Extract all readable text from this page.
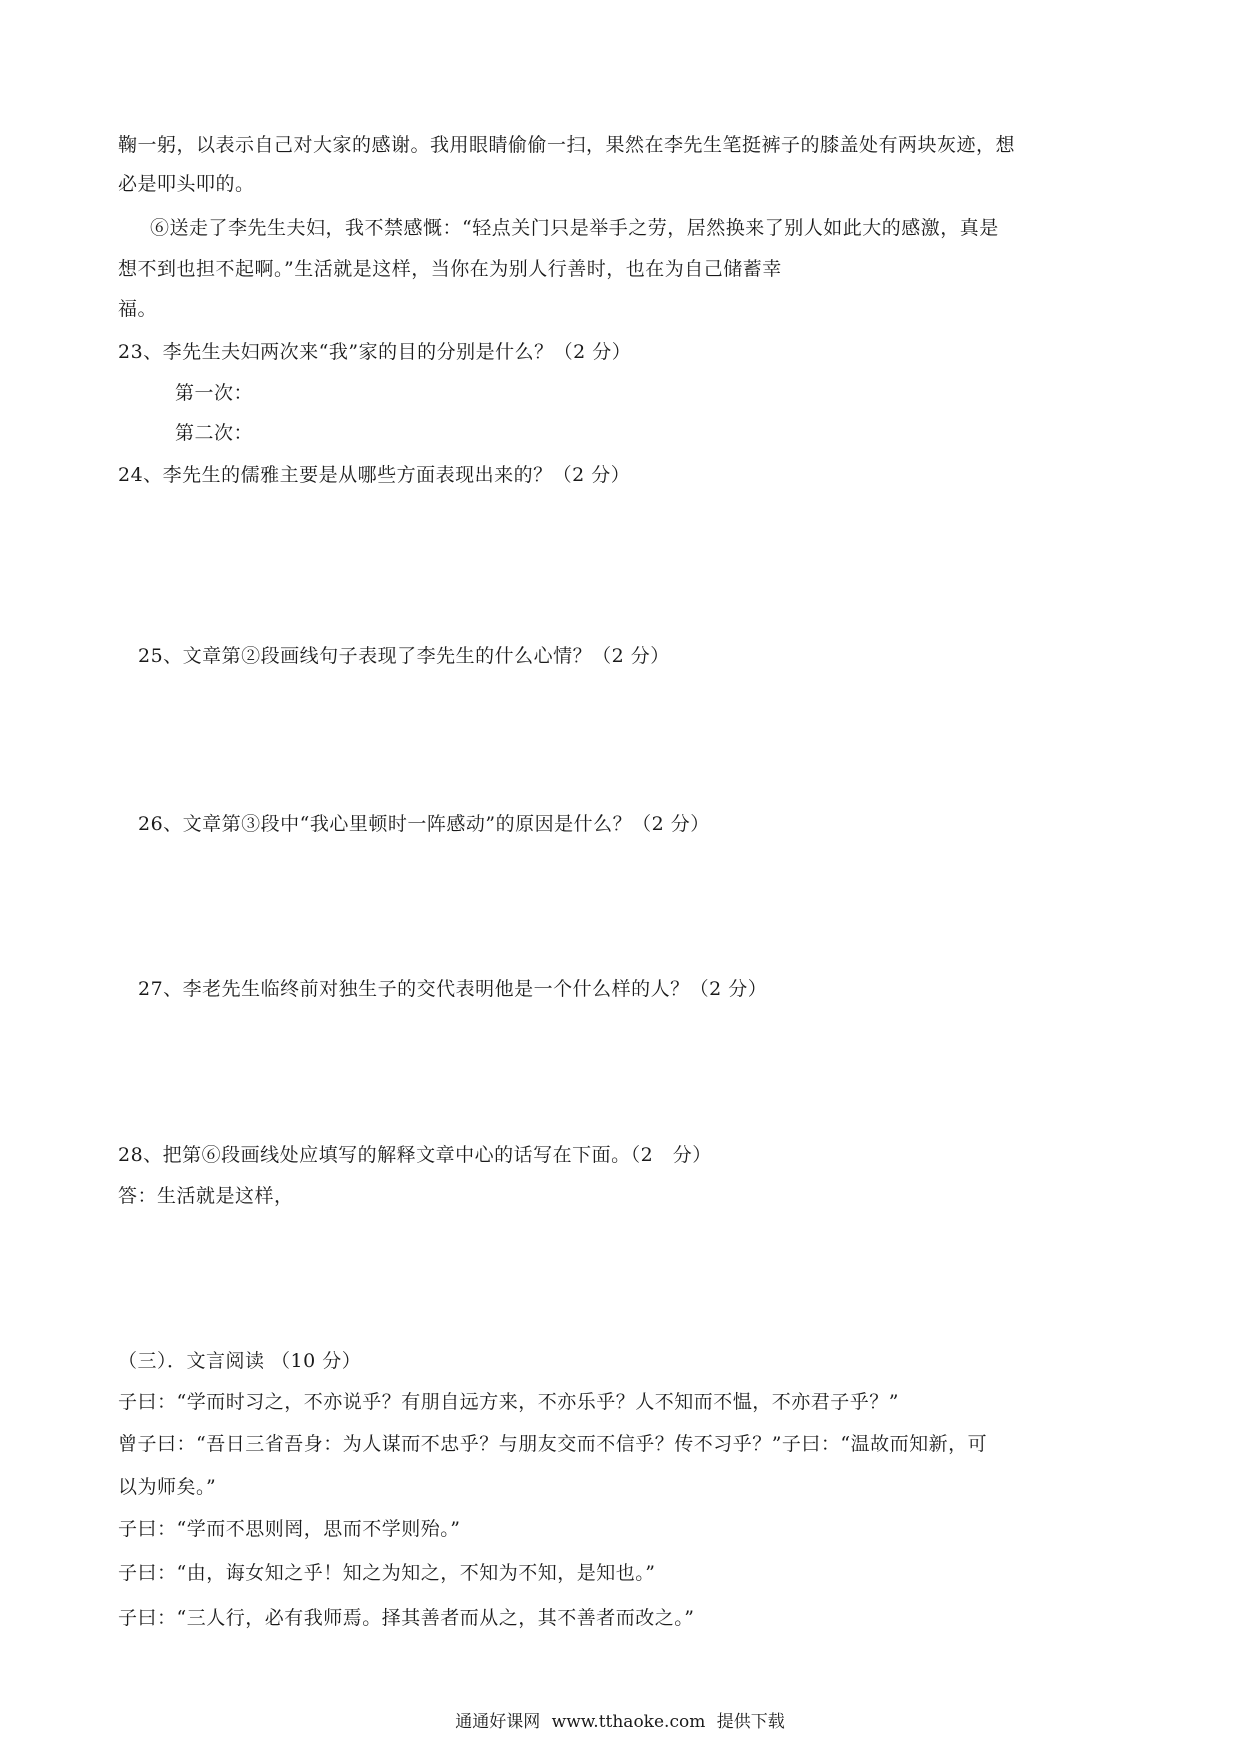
鞠一躬，以表示自己对大家的感谢。我用眼睛偷偷一扫，果然在李先生笔挺裤子的膝盖处有两块灰迹，想
必是叩头叩的。
⑥送走了李先生夫妇，我不禁感慨：“轻点关门只是举手之劳，居然换来了别人如此大的感激，真是
想不到也担不起啊。”生活就是这样，当你在为别人行善时，也在为自己储蓄幸
福。
23、李先生夫妇两次来“我”家的目的分别是什么？（2 分）
第一次：
第二次：
24、李先生的儒雅主要是从哪些方面表现出来的？（2 分）
25、文章第②段画线句子表现了李先生的什么心情？（2 分）
26、文章第③段中“我心里顿时一阵感动”的原因是什么？（2 分）
27、李老先生临终前对独生子的交代表明他是一个什么样的人？（2 分）
28、把第⑥段画线处应填写的解释文章中心的话写在下面。（2　分）
答：生活就是这样，
（三）．文言阅读 （10 分）
子曰：“学而时习之，不亦说乎？有朋自远方来，不亦乐乎？人不知而不愠，不亦君子乎？”
曾子曰：“吾日三省吾身：为人谋而不忠乎？与朋友交而不信乎？传不习乎？”子曰：“温故而知新，可
以为师矣。”
子曰：“学而不思则罔，思而不学则殆。”
子曰：“由，诲女知之乎！知之为知之，不知为不知，是知也。”
子曰：“三人行，必有我师焉。择其善者而从之，其不善者而改之。”
通通好课网 www.tthaoke.com 提供下载
